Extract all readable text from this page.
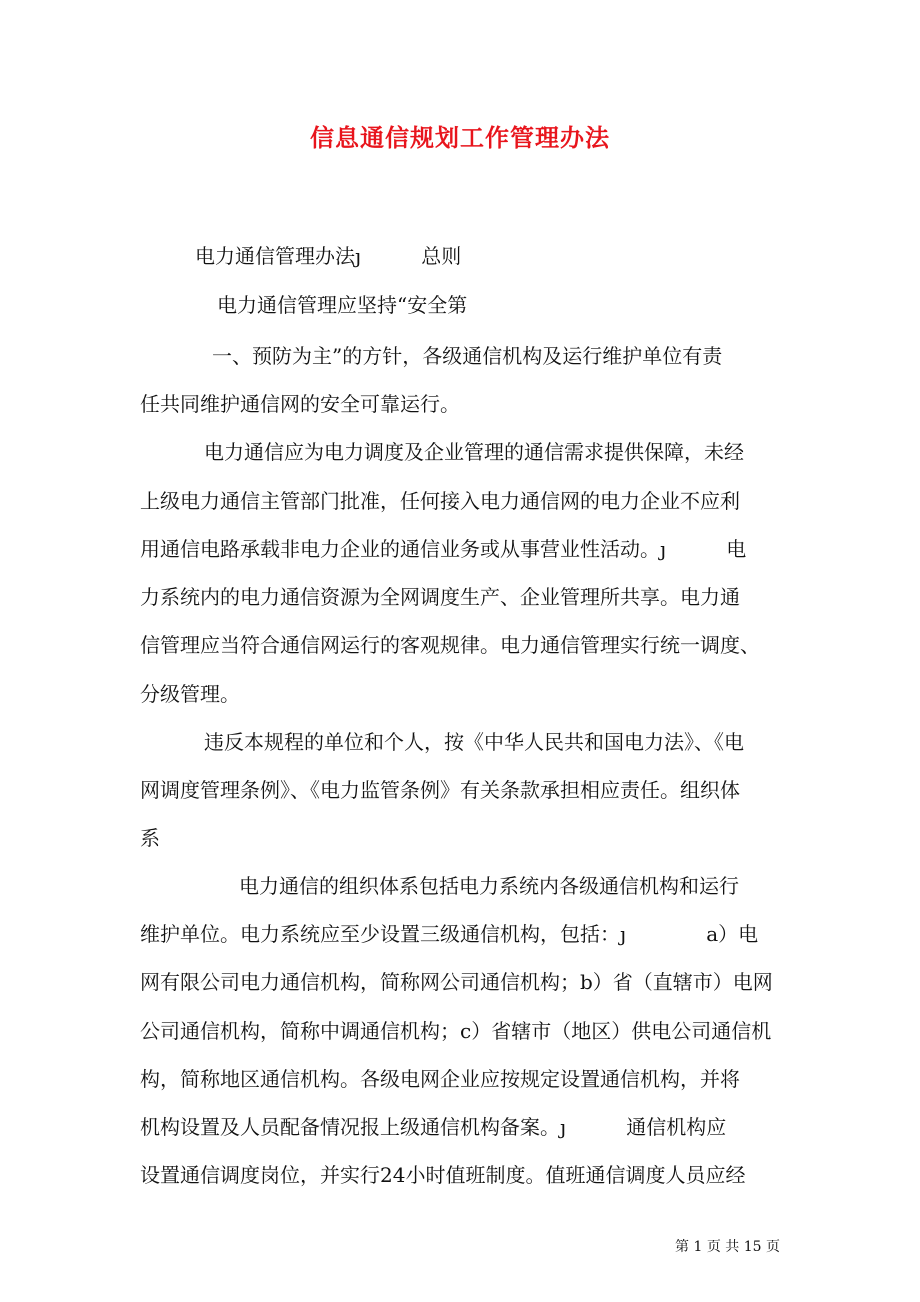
信息通信规划工作管理办法
电力通信管理办法ȷ　　　总则
电力通信管理应坚持“安全第
一、预防为主”的方针，各级通信机构及运行维护单位有责
任共同维护通信网的安全可靠运行。
电力通信应为电力调度及企业管理的通信需求提供保障，未经
上级电力通信主管部门批准，任何接入电力通信网的电力企业不应利
用通信电路承载非电力企业的通信业务或从事营业性活动。ȷ　　　电
力系统内的电力通信资源为全网调度生产、企业管理所共享。电力通
信管理应当符合通信网运行的客观规律。电力通信管理实行统一调度、
分级管理。
违反本规程的单位和个人，按《中华人民共和国电力法》、《电
网调度管理条例》、《电力监管条例》有关条款承担相应责任。组织体
系
电力通信的组织体系包括电力系统内各级通信机构和运行
维护单位。电力系统应至少设置三级通信机构，包括：ȷ　　　　a）电
网有限公司电力通信机构，简称网公司通信机构；b）省（直辖市）电网
公司通信机构，简称中调通信机构；c）省辖市（地区）供电公司通信机
构，简称地区通信机构。各级电网企业应按规定设置通信机构，并将
机构设置及人员配备情况报上级通信机构备案。ȷ　　　通信机构应
设置通信调度岗位，并实行24小时值班制度。值班通信调度人员应经
第 1 页 共 15 页
